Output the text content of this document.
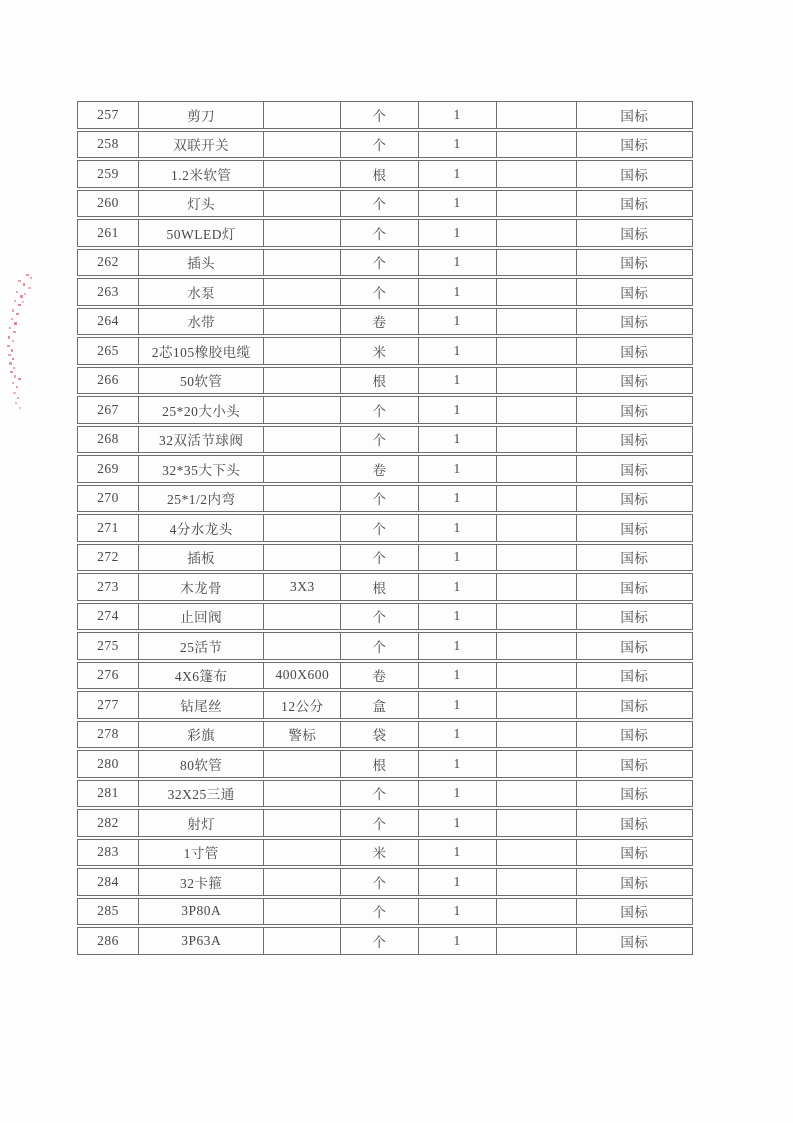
257	剪刀		个	1		国标
258	双联开关		个	1		国标
259	1.2米软管		根	1		国标
260	灯头		个	1		国标
261	50WLED灯		个	1		国标
262	插头		个	1		国标
263	水泵		个	1		国标
264	水带		卷	1		国标
265	2芯105橡胶电缆		米	1		国标
266	50软管		根	1		国标
267	25*20大小头		个	1		国标
268	32双活节球阀		个	1		国标
269	32*35大下头		卷	1		国标
270	25*1/2内弯		个	1		国标
271	4分水龙头		个	1		国标
272	插板		个	1		国标
273	木龙骨	3X3	根	1		国标
274	止回阀		个	1		国标
275	25活节		个	1		国标
276	4X6篷布	400X600	卷	1		国标
277	钻尾丝	12公分	盒	1		国标
278	彩旗	警标	袋	1		国标
280	80软管		根	1		国标
281	32X25三通		个	1		国标
282	射灯		个	1		国标
283	1寸管		米	1		国标
284	32卡箍		个	1		国标
285	3P80A		个	1		国标
286	3P63A		个	1		国标
